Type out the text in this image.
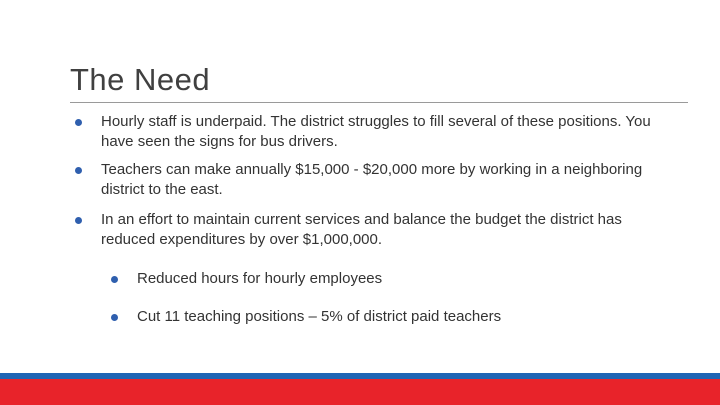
The Need
Hourly staff is underpaid. The district struggles to fill several of these positions. You have seen the signs for bus drivers.
Teachers can make annually $15,000 - $20,000 more by working in a neighboring district to the east.
In an effort to maintain current services and balance the budget the district has reduced expenditures by over $1,000,000.
Reduced hours for hourly employees
Cut 11 teaching positions – 5% of district paid teachers
